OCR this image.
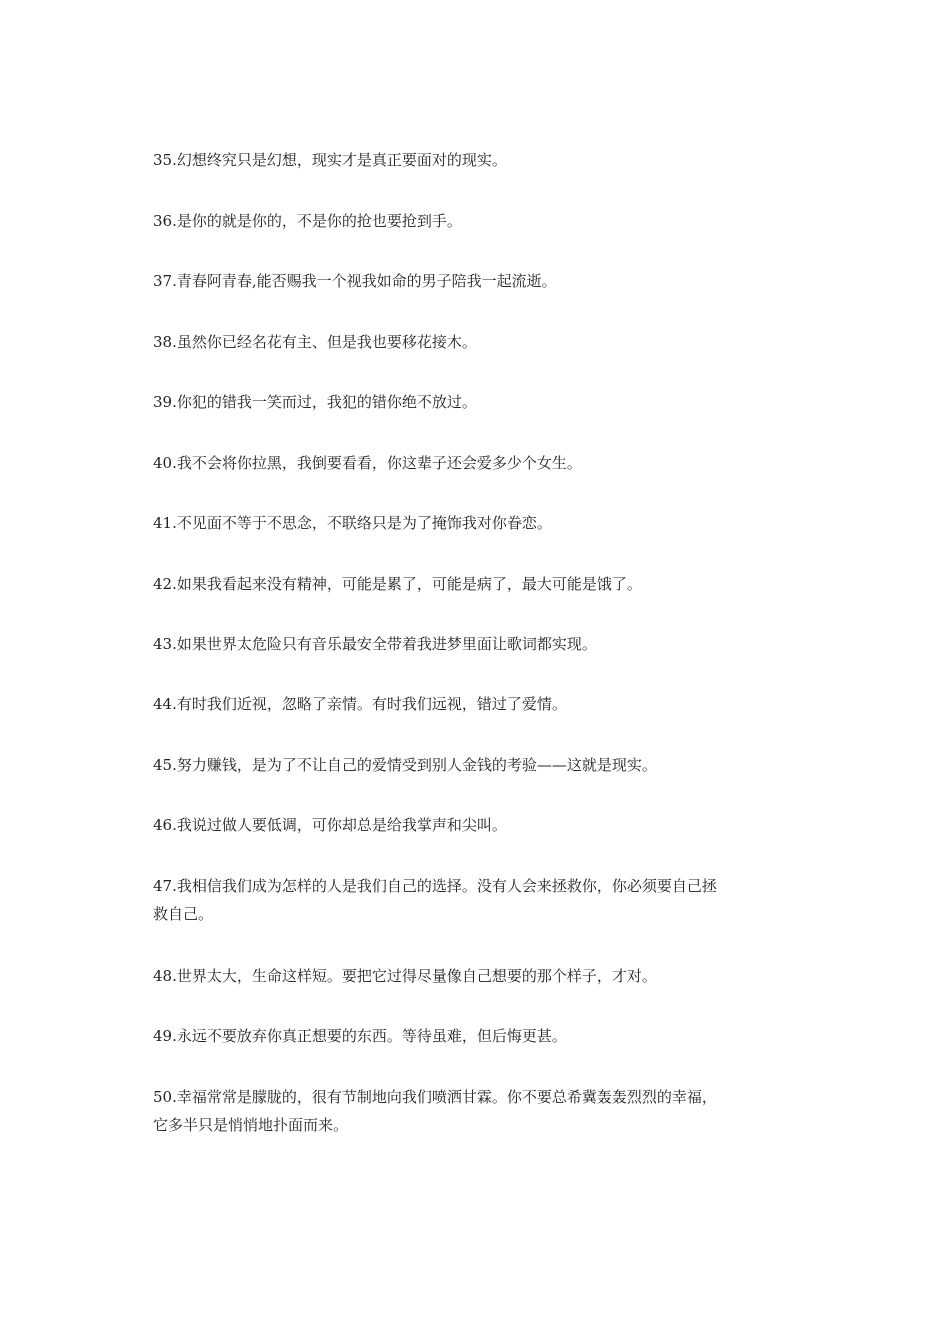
35.幻想终究只是幻想，现实才是真正要面对的现实。
36.是你的就是你的，不是你的抢也要抢到手。
37.青春阿青春,能否赐我一个视我如命的男子陪我一起流逝。
38.虽然你已经名花有主、但是我也要移花接木。
39.你犯的错我一笑而过，我犯的错你绝不放过。
40.我不会将你拉黑，我倒要看看，你这辈子还会爱多少个女生。
41.不见面不等于不思念，不联络只是为了掩饰我对你眷恋。
42.如果我看起来没有精神，可能是累了，可能是病了，最大可能是饿了。
43.如果世界太危险只有音乐最安全带着我进梦里面让歌词都实现。
44.有时我们近视，忽略了亲情。有时我们远视，错过了爱情。
45.努力赚钱，是为了不让自己的爱情受到别人金钱的考验——这就是现实。
46.我说过做人要低调，可你却总是给我掌声和尖叫。
47.我相信我们成为怎样的人是我们自己的选择。没有人会来拯救你，你必须要自己拯
救自己。
48.世界太大，生命这样短。要把它过得尽量像自己想要的那个样子，才对。
49.永远不要放弃你真正想要的东西。等待虽难，但后悔更甚。
50.幸福常常是朦胧的，很有节制地向我们喷洒甘霖。你不要总希冀轰轰烈烈的幸福，
它多半只是悄悄地扑面而来。
